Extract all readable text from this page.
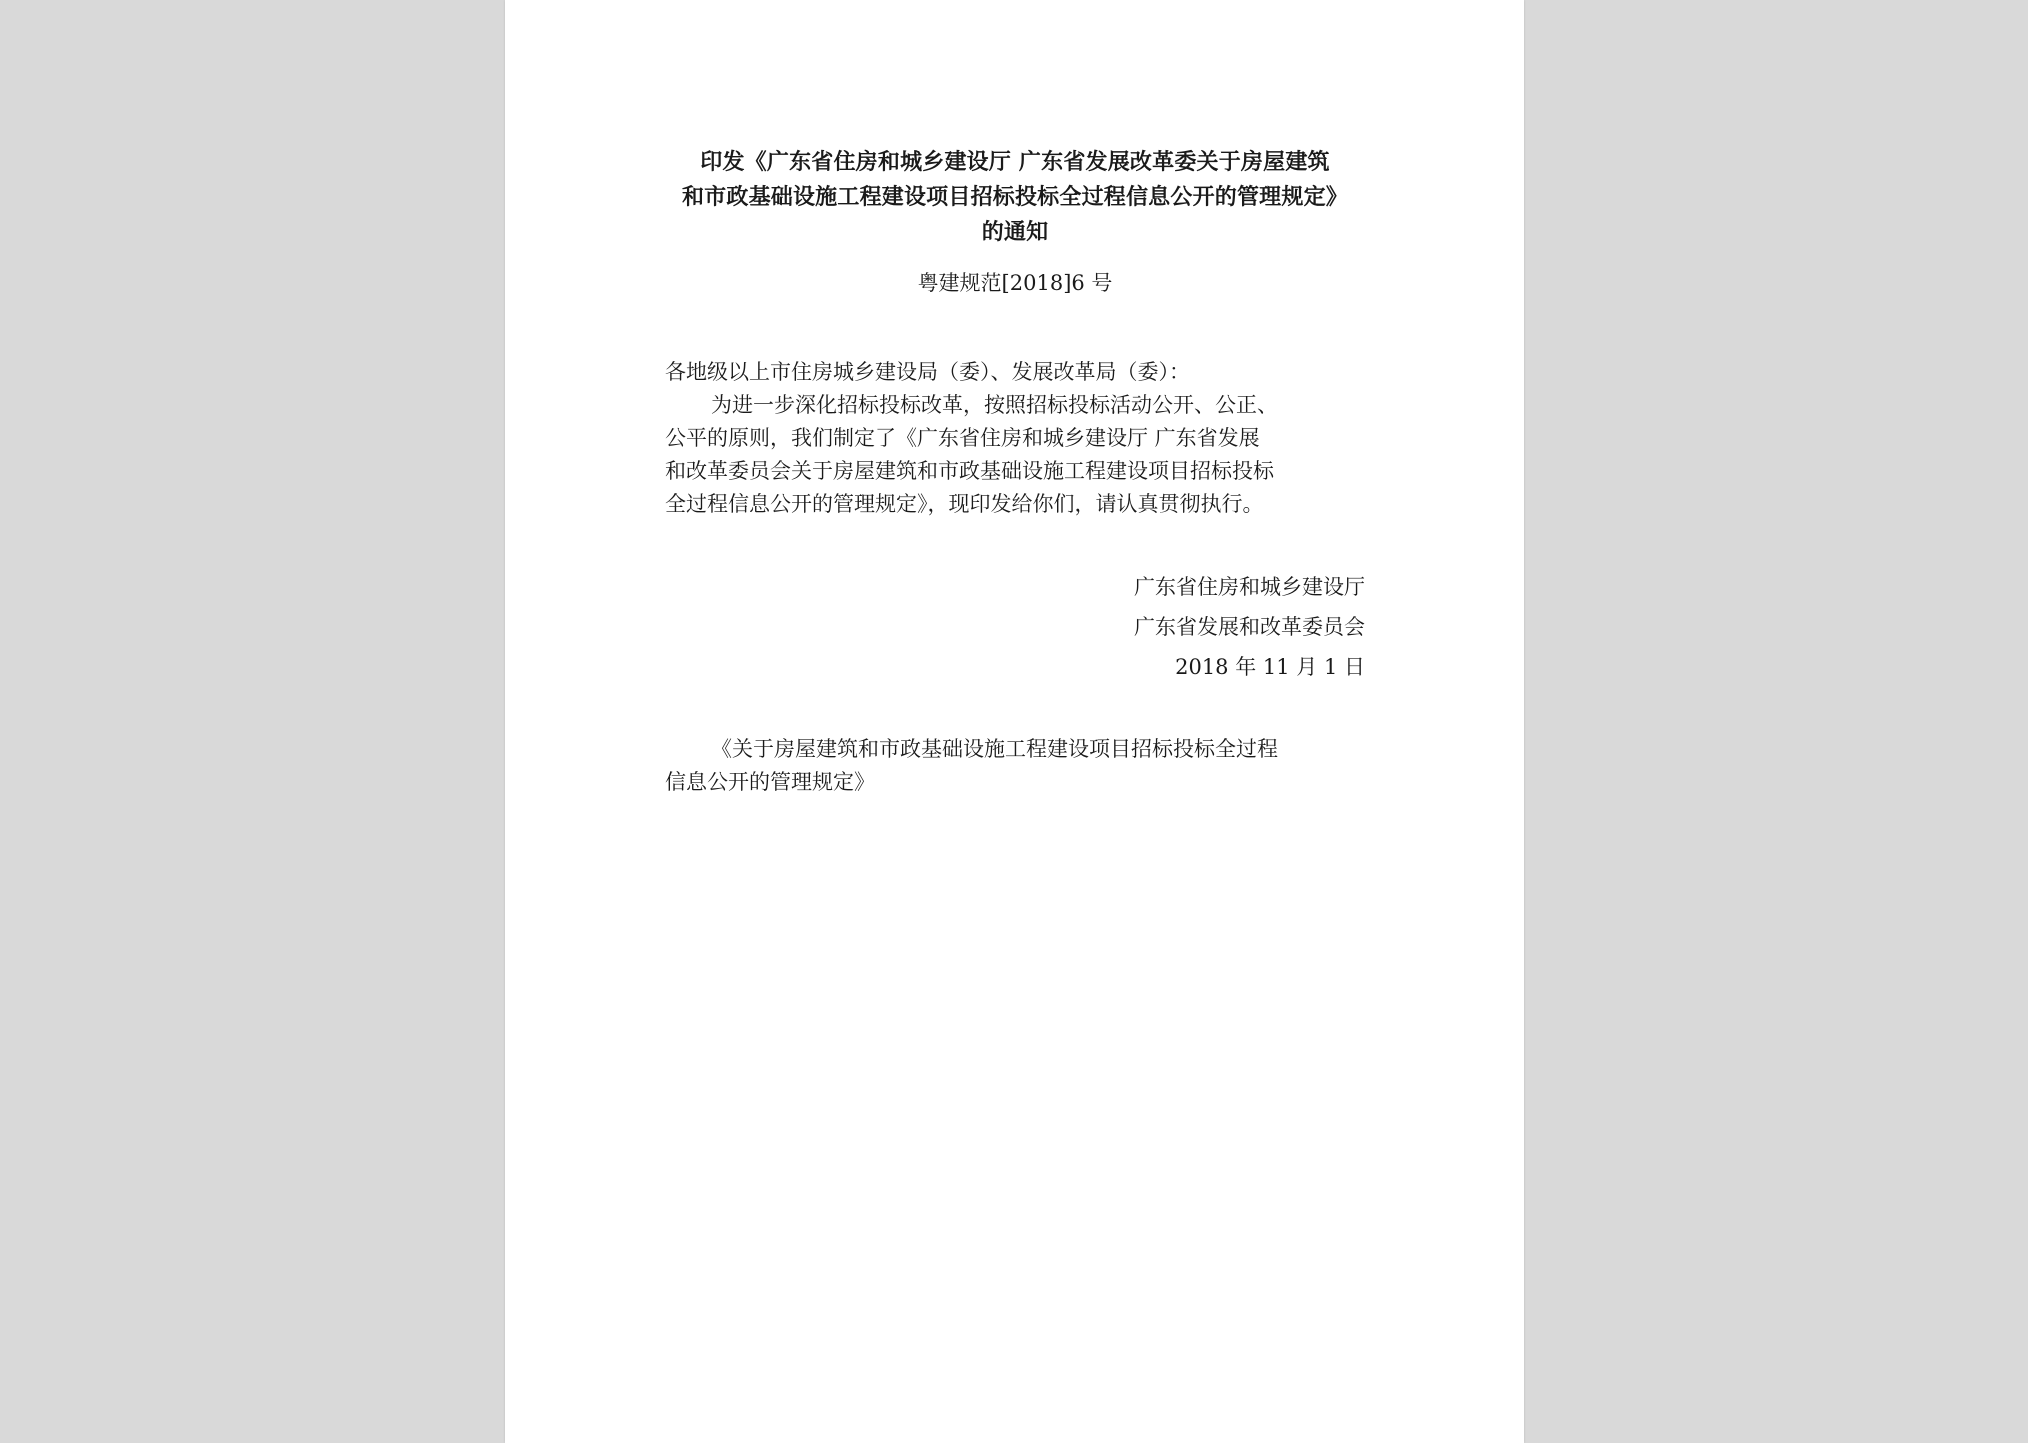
印发《广东省住房和城乡建设厅 广东省发展改革委关于房屋建筑
和市政基础设施工程建设项目招标投标全过程信息公开的管理规定》
的通知
粤建规范[2018]6 号
各地级以上市住房城乡建设局（委）、发展改革局（委）：

为进一步深化招标投标改革，按照招标投标活动公开、公正、
公平的原则，我们制定了《广东省住房和城乡建设厅 广东省发展
和改革委员会关于房屋建筑和市政基础设施工程建设项目招标投标
全过程信息公开的管理规定》，现印发给你们，请认真贯彻执行。

广东省住房和城乡建设厅
广东省发展和改革委员会
2018 年 11 月 1 日
《关于房屋建筑和市政基础设施工程建设项目招标投标全过程
信息公开的管理规定》
